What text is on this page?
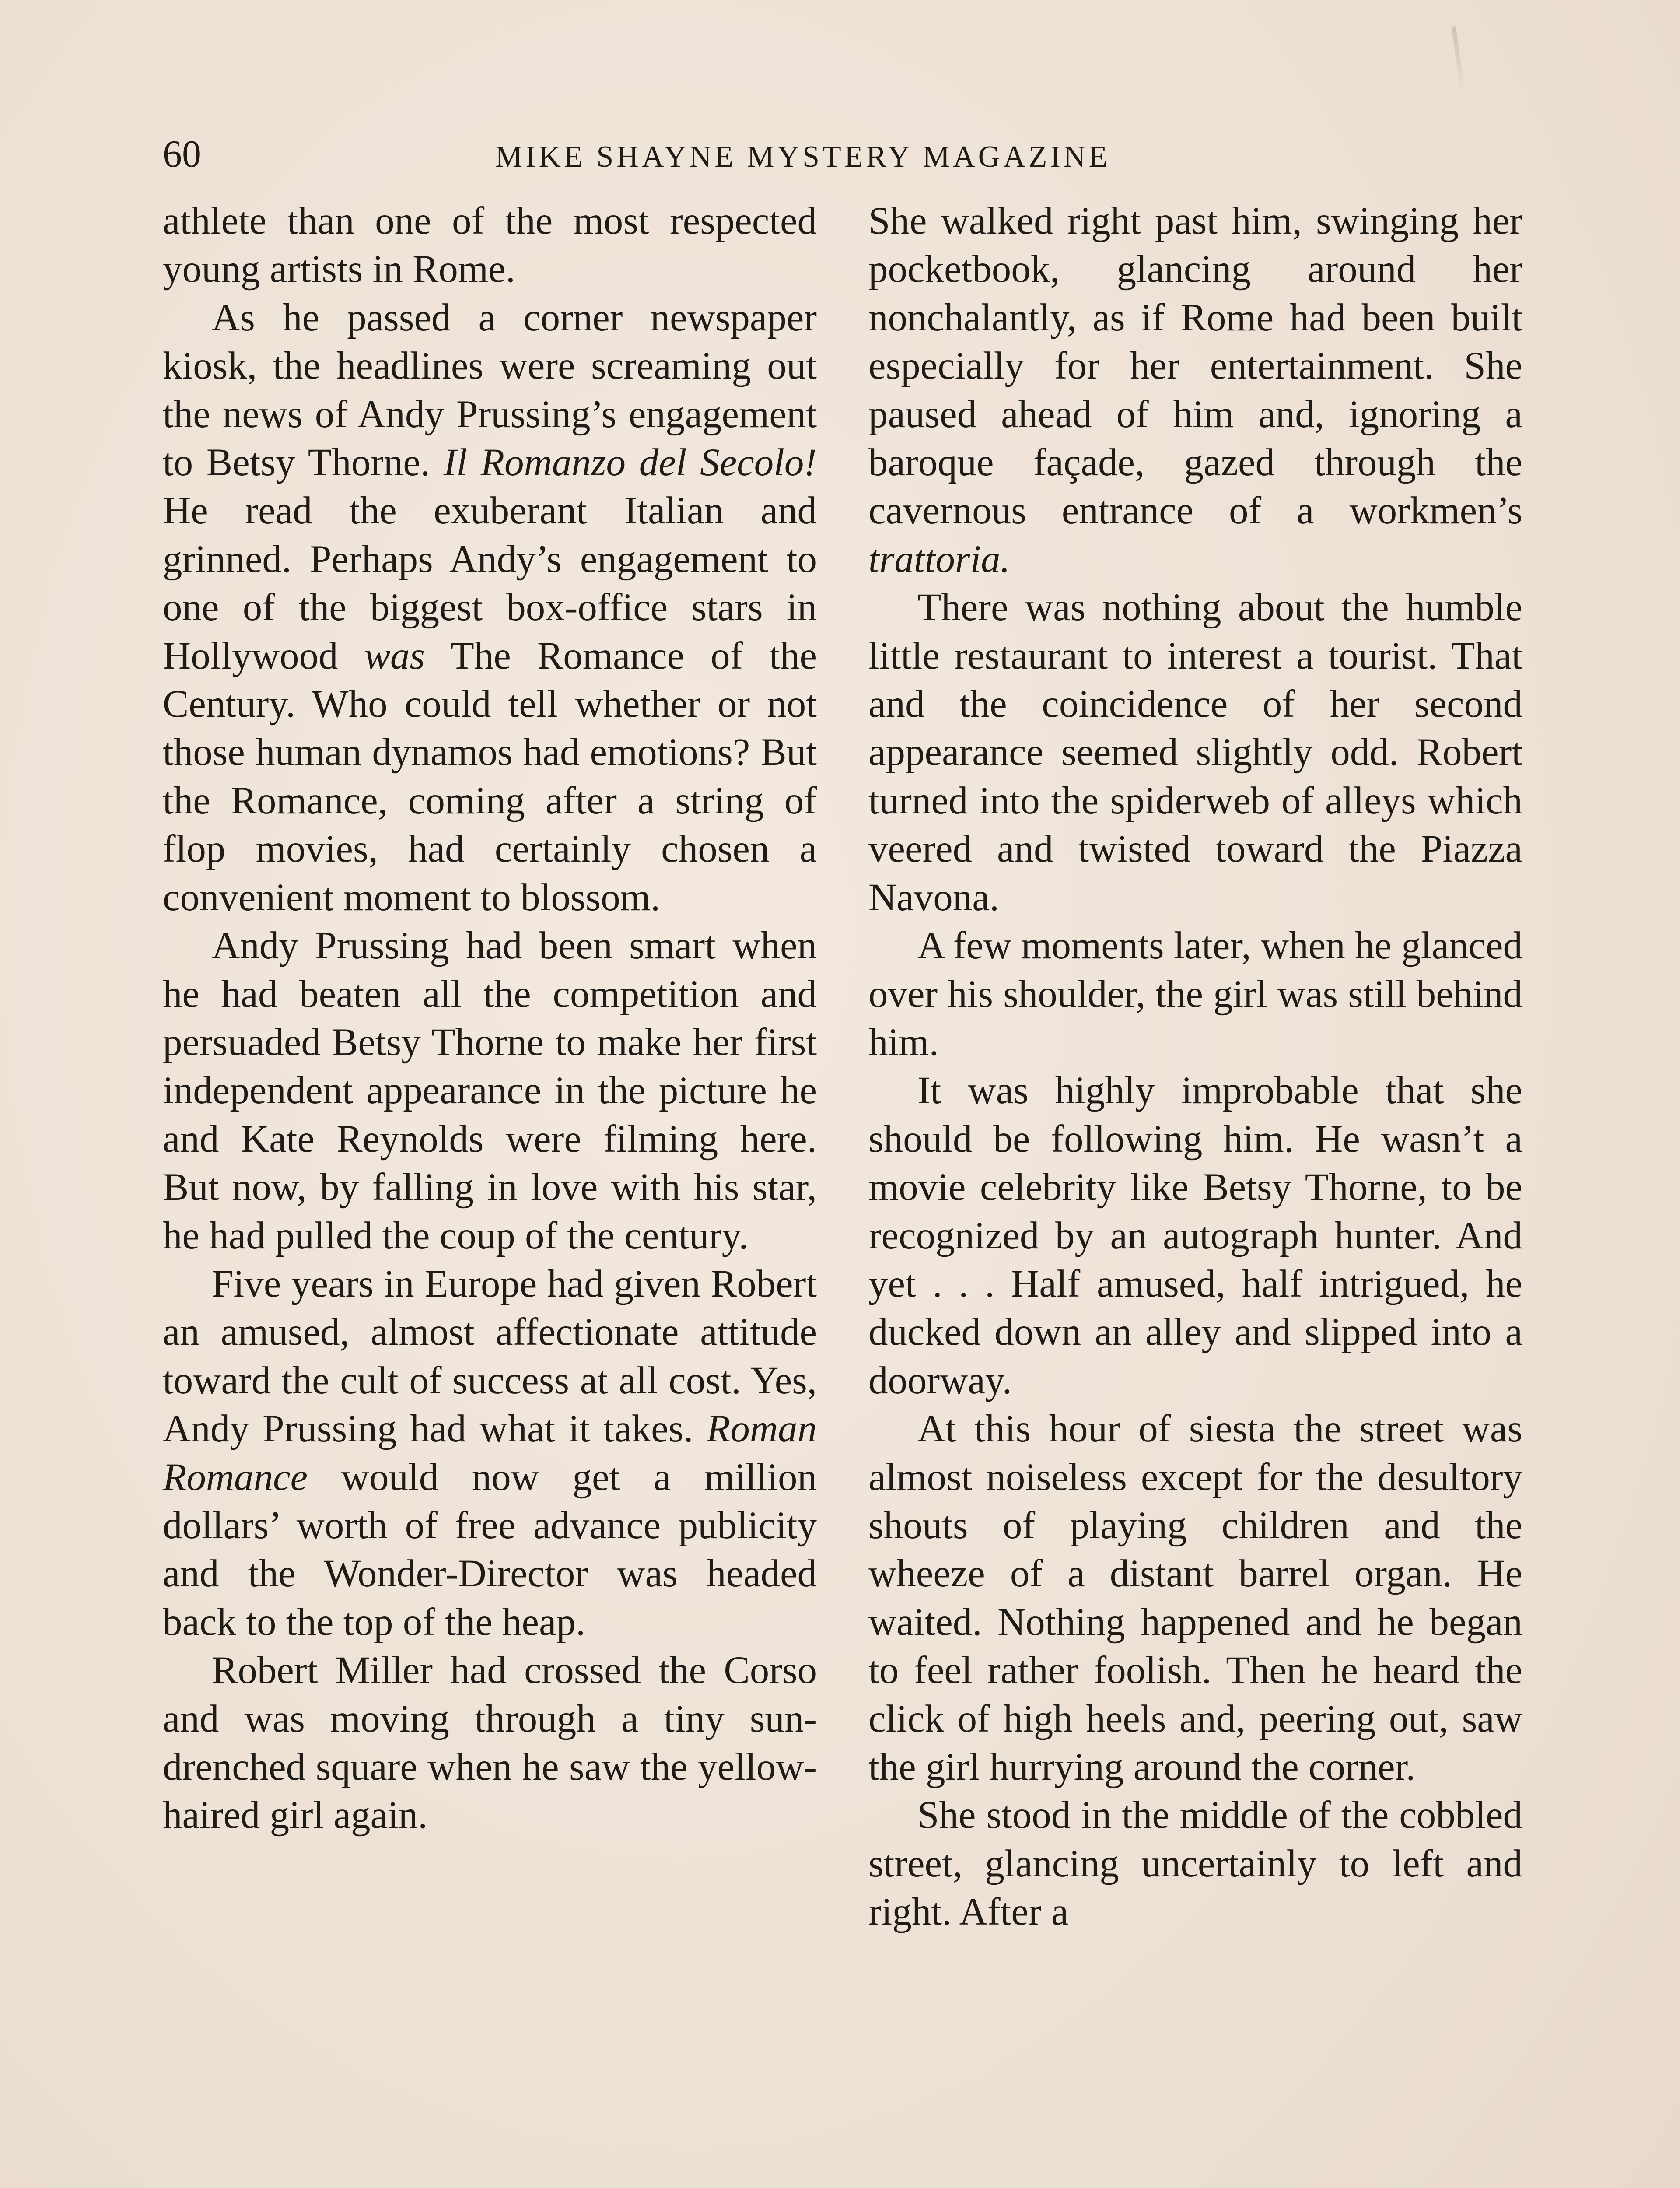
60	MIKE SHAYNE MYSTERY MAGAZINE

athlete than one of the most respected young artists in Rome.

As he passed a corner newspaper kiosk, the headlines were screaming out the news of Andy Prussing’s engagement to Betsy Thorne. Il Romanzo del Secolo! He read the exuberant Italian and grinned. Perhaps Andy’s engagement to one of the biggest box-office stars in Hollywood was The Romance of the Century. Who could tell whether or not those human dynamos had emotions? But the Romance, coming after a string of flop movies, had certainly chosen a convenient moment to blossom.

Andy Prussing had been smart when he had beaten all the competition and persuaded Betsy Thorne to make her first independent appearance in the picture he and Kate Reynolds were filming here. But now, by falling in love with his star, he had pulled the coup of the century.

Five years in Europe had given Robert an amused, almost affectionate attitude toward the cult of success at all cost. Yes, Andy Prussing had what it takes. Roman Romance would now get a million dollars’ worth of free advance publicity and the Wonder-Director was headed back to the top of the heap.

Robert Miller had crossed the Corso and was moving through a tiny sun-drenched square when he saw the yellow-haired girl again.

She walked right past him, swinging her pocketbook, glancing around her nonchalantly, as if Rome had been built especially for her entertainment. She paused ahead of him and, ignoring a baroque façade, gazed through the cavernous entrance of a workmen’s trattoria.

There was nothing about the humble little restaurant to interest a tourist. That and the coincidence of her second appearance seemed slightly odd. Robert turned into the spiderweb of alleys which veered and twisted toward the Piazza Navona.

A few moments later, when he glanced over his shoulder, the girl was still behind him.

It was highly improbable that she should be following him. He wasn’t a movie celebrity like Betsy Thorne, to be recognized by an autograph hunter. And yet . . . Half amused, half intrigued, he ducked down an alley and slipped into a doorway.

At this hour of siesta the street was almost noiseless except for the desultory shouts of playing children and the wheeze of a distant barrel organ. He waited. Nothing happened and he began to feel rather foolish. Then he heard the click of high heels and, peering out, saw the girl hurrying around the corner.

She stood in the middle of the cobbled street, glancing uncertainly to left and right. After a
